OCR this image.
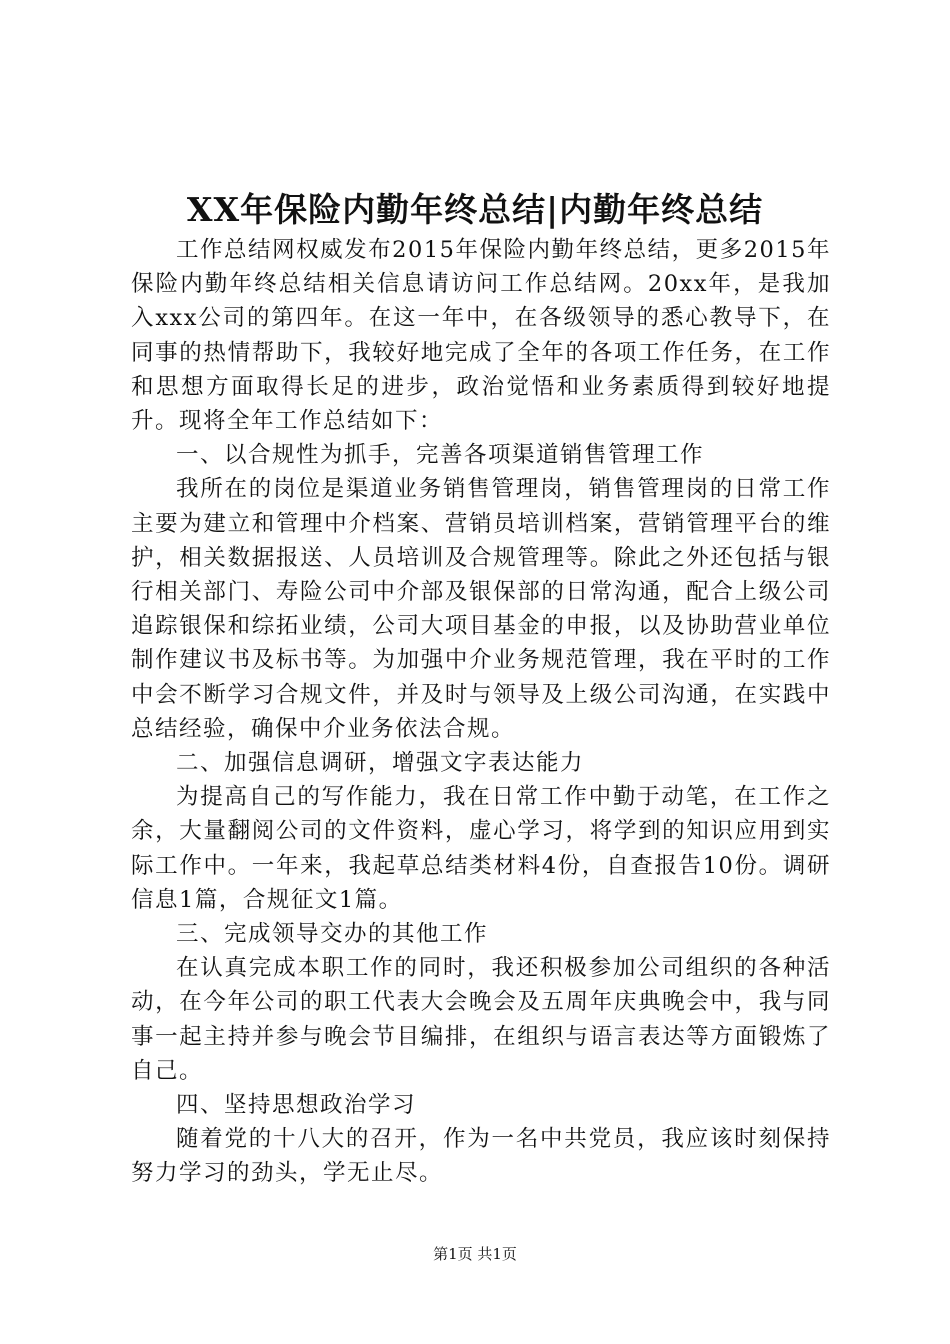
XX年保险内勤年终总结|内勤年终总结

工作总结网权威发布2015年保险内勤年终总结，更多2015年保险内勤年终总结相关信息请访问工作总结网。20xx年，是我加入xxx公司的第四年。在这一年中，在各级领导的悉心教导下，在同事的热情帮助下，我较好地完成了全年的各项工作任务，在工作和思想方面取得长足的进步，政治觉悟和业务素质得到较好地提升。现将全年工作总结如下：

一、以合规性为抓手，完善各项渠道销售管理工作

我所在的岗位是渠道业务销售管理岗，销售管理岗的日常工作主要为建立和管理中介档案、营销员培训档案，营销管理平台的维护，相关数据报送、人员培训及合规管理等。除此之外还包括与银行相关部门、寿险公司中介部及银保部的日常沟通，配合上级公司追踪银保和综拓业绩，公司大项目基金的申报，以及协助营业单位制作建议书及标书等。为加强中介业务规范管理，我在平时的工作中会不断学习合规文件，并及时与领导及上级公司沟通，在实践中总结经验，确保中介业务依法合规。

二、加强信息调研，增强文字表达能力

为提高自己的写作能力，我在日常工作中勤于动笔，在工作之余，大量翻阅公司的文件资料，虚心学习，将学到的知识应用到实际工作中。一年来，我起草总结类材料4份，自查报告10份。调研信息1篇，合规征文1篇。

三、完成领导交办的其他工作

在认真完成本职工作的同时，我还积极参加公司组织的各种活动，在今年公司的职工代表大会晚会及五周年庆典晚会中，我与同事一起主持并参与晚会节目编排，在组织与语言表达等方面锻炼了自己。

四、坚持思想政治学习

随着党的十八大的召开，作为一名中共党员，我应该时刻保持努力学习的劲头，学无止尽。

第1页 共1页
